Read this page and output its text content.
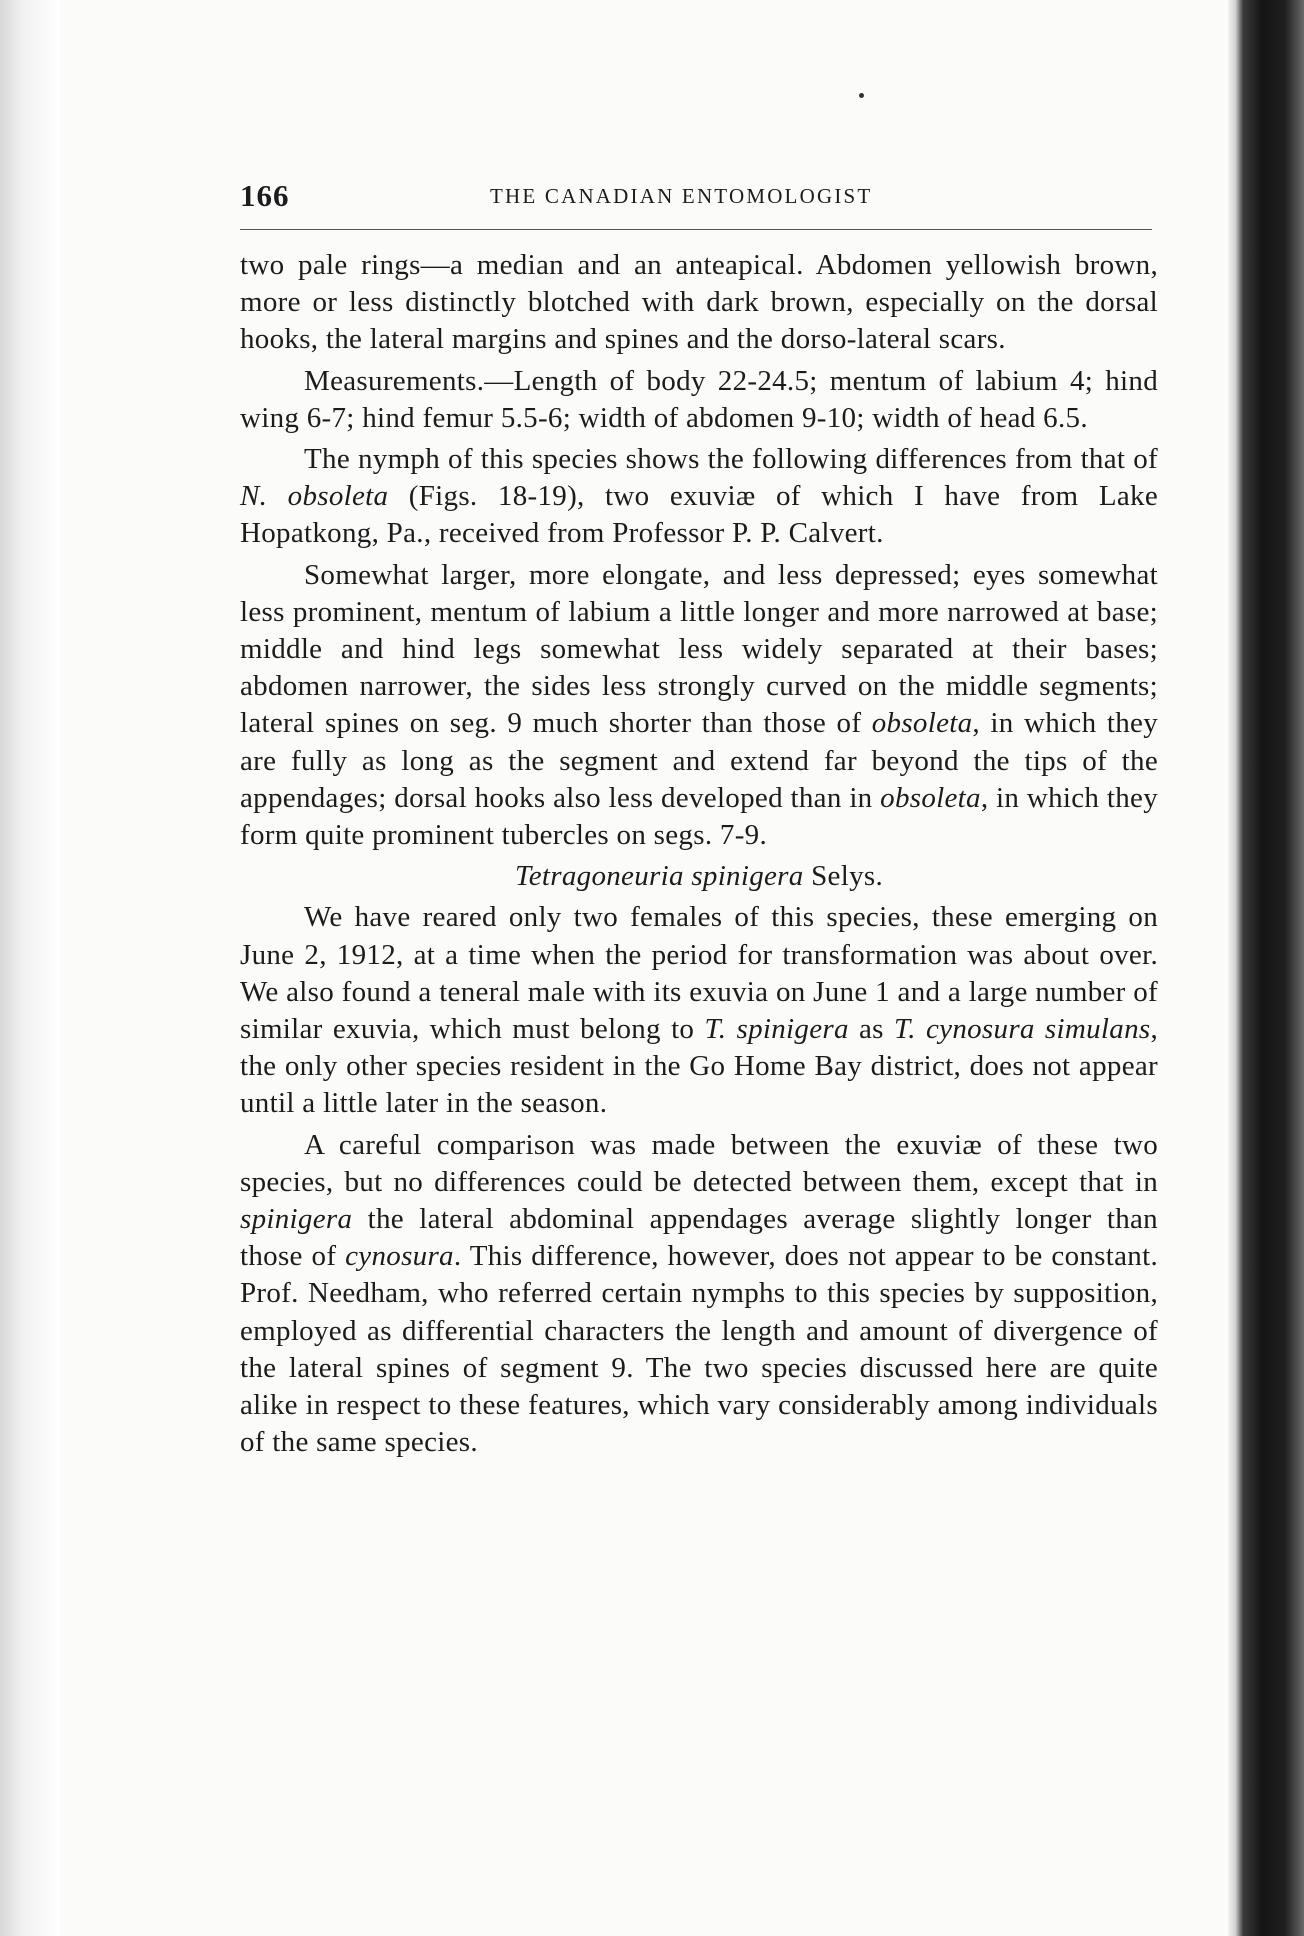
166	THE CANADIAN ENTOMOLOGIST

two pale rings—a median and an anteapical. Abdomen yellowish brown, more or less distinctly blotched with dark brown, especially on the dorsal hooks, the lateral margins and spines and the dorso-lateral scars.

Measurements.—Length of body 22-24.5; mentum of labium 4; hind wing 6-7; hind femur 5.5-6; width of abdomen 9-10; width of head 6.5.

The nymph of this species shows the following differences from that of N. obsoleta (Figs. 18-19), two exuviæ of which I have from Lake Hopatkong, Pa., received from Professor P. P. Calvert.

Somewhat larger, more elongate, and less depressed; eyes somewhat less prominent, mentum of labium a little longer and more narrowed at base; middle and hind legs somewhat less widely separated at their bases; abdomen narrower, the sides less strongly curved on the middle segments; lateral spines on seg. 9 much shorter than those of obsoleta, in which they are fully as long as the segment and extend far beyond the tips of the appendages; dorsal hooks also less developed than in obsoleta, in which they form quite prominent tubercles on segs. 7-9.

Tetragoneuria spinigera Selys.

We have reared only two females of this species, these emerging on June 2, 1912, at a time when the period for transformation was about over. We also found a teneral male with its exuvia on June 1 and a large number of similar exuvia, which must belong to T. spinigera as T. cynosura simulans, the only other species resident in the Go Home Bay district, does not appear until a little later in the season.

A careful comparison was made between the exuviæ of these two species, but no differences could be detected between them, except that in spinigera the lateral abdominal appendages average slightly longer than those of cynosura. This difference, however, does not appear to be constant. Prof. Needham, who referred certain nymphs to this species by supposition, employed as differential characters the length and amount of divergence of the lateral spines of segment 9. The two species discussed here are quite alike in respect to these features, which vary considerably among individuals of the same species.
